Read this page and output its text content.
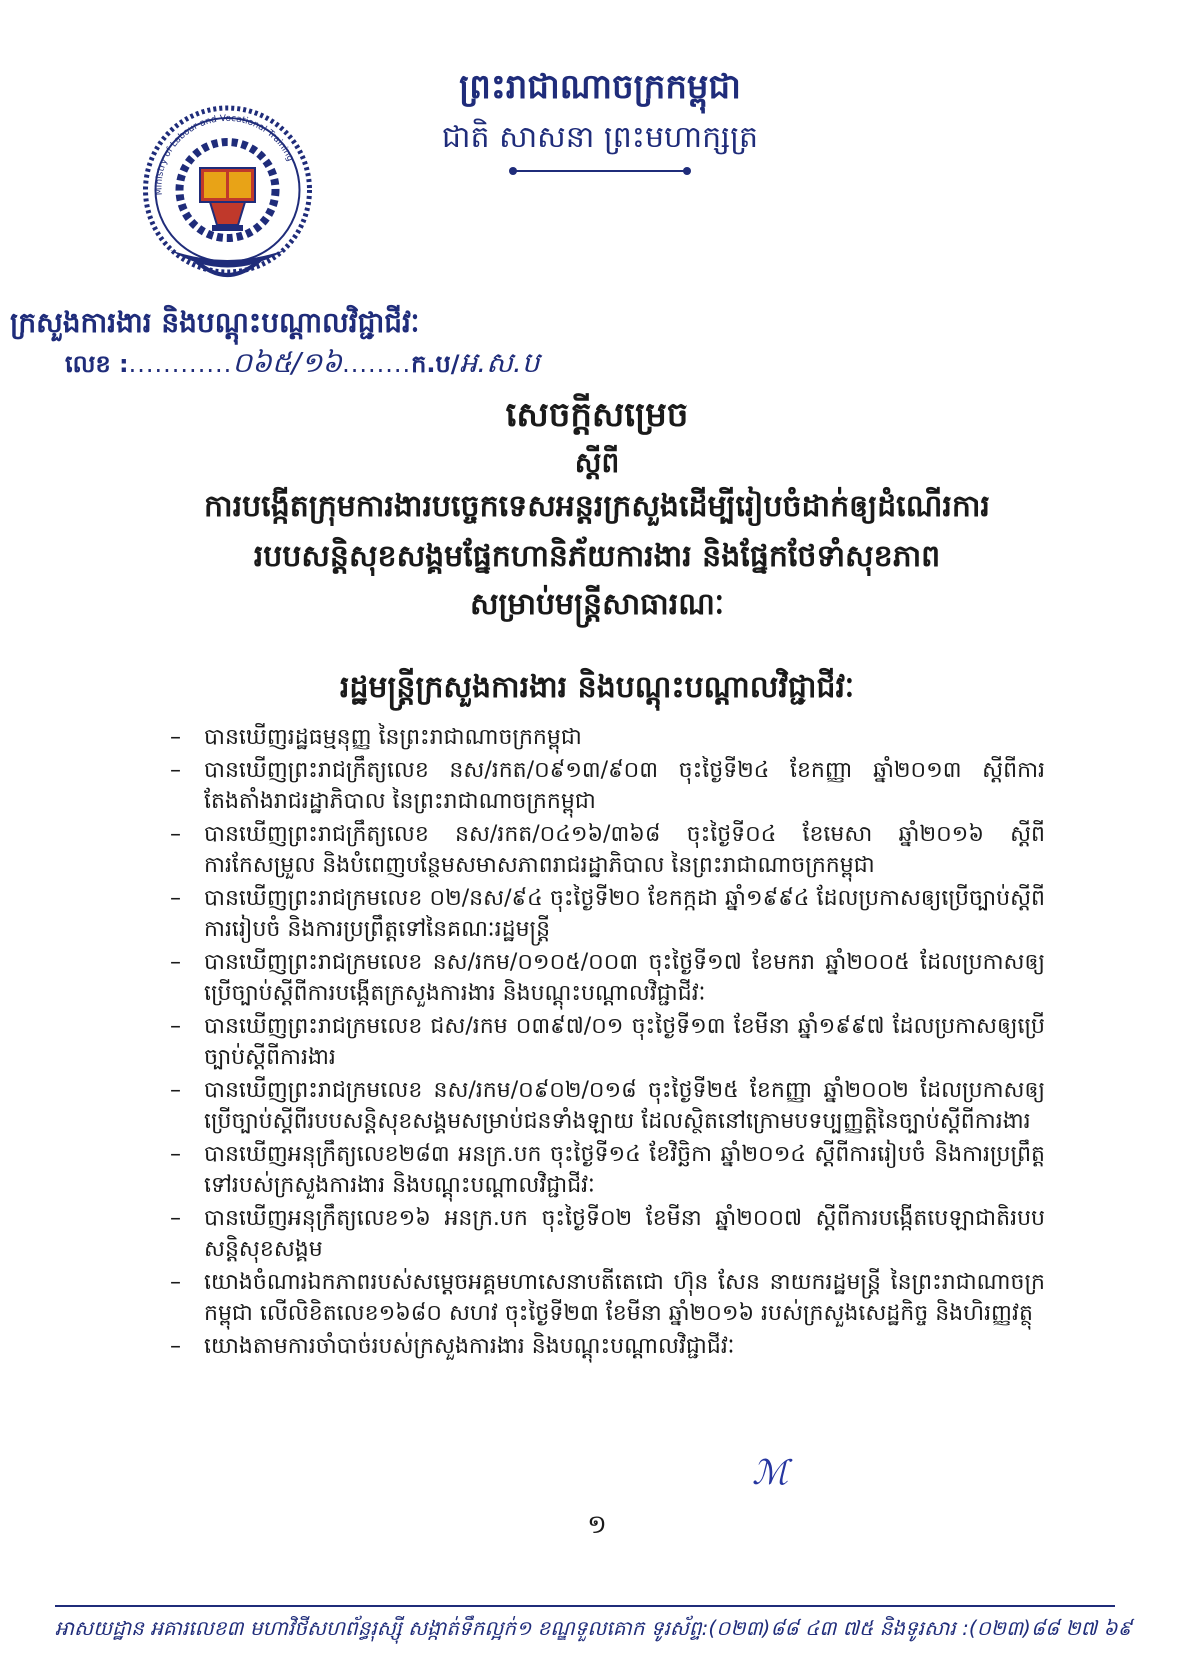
Ministry of Labour and Vocational Training
ព្រះរាជាណាចក្រកម្ពុជា
ជាតិ សាសនា ព្រះមហាក្សត្រ
ក្រសួងការងារ និងបណ្តុះបណ្តាលវិជ្ជាជីវៈ
លេខ :............០៦៥/១៦........ក.ប/អ.ស.ប
សេចក្តីសម្រេច
ស្តីពី
ការបង្កើតក្រុមការងារបច្ចេកទេសអន្តរក្រសួងដើម្បីរៀបចំដាក់ឲ្យដំណើរការ
របបសន្តិសុខសង្គមផ្នែកហានិភ័យការងារ និងផ្នែកថែទាំសុខភាព
សម្រាប់មន្ត្រីសាធារណៈ
រដ្ឋមន្ត្រីក្រសួងការងារ និងបណ្តុះបណ្តាលវិជ្ជាជីវៈ
– បានឃើញរដ្ឋធម្មនុញ្ញ នៃព្រះរាជាណាចក្រកម្ពុជា
– បានឃើញព្រះរាជក្រឹត្យលេខ នស/រកត/០៩១៣/៩០៣ ចុះថ្ងៃទី២៤ ខែកញ្ញា ឆ្នាំ២០១៣ ស្តីពីការតែងតាំងរាជរដ្ឋាភិបាល នៃព្រះរាជាណាចក្រកម្ពុជា
– បានឃើញព្រះរាជក្រឹត្យលេខ នស/រកត/០៤១៦/៣៦៨ ចុះថ្ងៃទី០៤ ខែមេសា ឆ្នាំ២០១៦ ស្តីពីការកែសម្រួល និងបំពេញបន្ថែមសមាសភាពរាជរដ្ឋាភិបាល នៃព្រះរាជាណាចក្រកម្ពុជា
– បានឃើញព្រះរាជក្រមលេខ ០២/នស/៩៤ ចុះថ្ងៃទី២០ ខែកក្កដា ឆ្នាំ១៩៩៤ ដែលប្រកាសឲ្យប្រើច្បាប់ស្តីពីការរៀបចំ និងការប្រព្រឹត្តទៅនៃគណៈរដ្ឋមន្ត្រី
– បានឃើញព្រះរាជក្រមលេខ នស/រកម/០១០៥/០០៣ ចុះថ្ងៃទី១៧ ខែមករា ឆ្នាំ២០០៥ ដែលប្រកាសឲ្យប្រើច្បាប់ស្តីពីការបង្កើតក្រសួងការងារ និងបណ្តុះបណ្តាលវិជ្ជាជីវៈ
– បានឃើញព្រះរាជក្រមលេខ ជស/រកម ០៣៩៧/០១ ចុះថ្ងៃទី១៣ ខែមីនា ឆ្នាំ១៩៩៧ ដែលប្រកាសឲ្យប្រើច្បាប់ស្តីពីការងារ
– បានឃើញព្រះរាជក្រមលេខ នស/រកម/០៩០២/០១៨ ចុះថ្ងៃទី២៥ ខែកញ្ញា ឆ្នាំ២០០២ ដែលប្រកាសឲ្យប្រើច្បាប់ស្តីពីរបបសន្តិសុខសង្គមសម្រាប់ជនទាំងឡាយ ដែលស្ថិតនៅក្រោមបទប្បញ្ញត្តិនៃច្បាប់ស្តីពីការងារ
– បានឃើញអនុក្រឹត្យលេខ២៨៣ អនក្រ.បក ចុះថ្ងៃទី១៤ ខែវិច្ឆិកា ឆ្នាំ២០១៤ ស្តីពីការរៀបចំ និងការប្រព្រឹត្តទៅរបស់ក្រសួងការងារ និងបណ្តុះបណ្តាលវិជ្ជាជីវៈ
– បានឃើញអនុក្រឹត្យលេខ១៦ អនក្រ.បក ចុះថ្ងៃទី០២ ខែមីនា ឆ្នាំ២០០៧ ស្តីពីការបង្កើតបេឡាជាតិរបបសន្តិសុខសង្គម
– យោងចំណារឯកភាពរបស់សម្តេចអគ្គមហាសេនាបតីតេជោ ហ៊ុន សែន នាយករដ្ឋមន្ត្រី នៃព្រះរាជាណាចក្រកម្ពុជា លើលិខិតលេខ១៦៨០ សហវ ចុះថ្ងៃទី២៣ ខែមីនា ឆ្នាំ២០១៦ របស់ក្រសួងសេដ្ឋកិច្ច និងហិរញ្ញវត្ថុ
– យោងតាមការចាំបាច់របស់ក្រសួងការងារ និងបណ្តុះបណ្តាលវិជ្ជាជីវៈ
ℳ
១
អាសយដ្ឋាន អគារលេខ៣ មហាវិថីសហព័ន្ធរុស្ស៊ី សង្កាត់ទឹកល្អក់១ ខណ្ឌទួលគោក ទូរស័ព្ទ:(០២៣)៨៨ ៤៣ ៧៥ និងទូរសារ :(០២៣)៨៨ ២៧ ៦៩
